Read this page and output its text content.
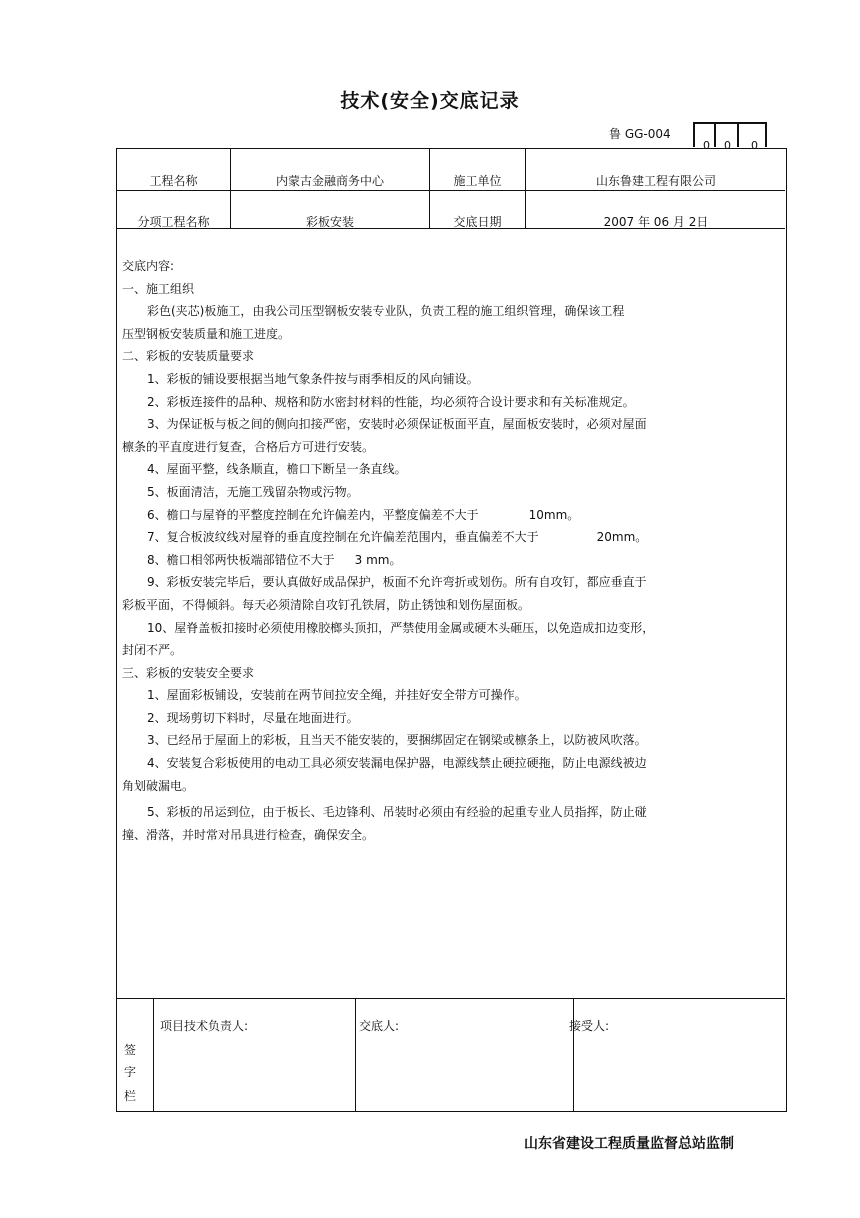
技术(安全)交底记录
鲁 GG-004
0 0 0
工程名称	内蒙古金融商务中心	施工单位	山东鲁建工程有限公司
分项工程名称	彩板安装	交底日期	2007 年 06 月 2日
签
字
栏
项目技术负责人:	交底人:	接受人:

交底内容:

一、施工组织

彩色(夹芯)板施工，由我公司压型钢板安装专业队，负责工程的施工组织管理，确保该工程

压型钢板安装质量和施工进度。

二、彩板的安装质量要求

1、彩板的铺设要根据当地气象条件按与雨季相反的风向铺设。

2、彩板连接件的品种、规格和防水密封材料的性能，均必须符合设计要求和有关标准规定。

3、为保证板与板之间的侧向扣接严密，安装时必须保证板面平直，屋面板安装时，必须对屋面

檩条的平直度进行复查，合格后方可进行安装。

4、屋面平整，线条顺直，檐口下断呈一条直线。

5、板面清洁，无施工残留杂物或污物。

6、檐口与屋脊的平整度控制在允许偏差内，平整度偏差不大于	10mm。

7、复合板波纹线对屋脊的垂直度控制在允许偏差范围内，垂直偏差不大于	20mm。

8、檐口相邻两快板端部错位不大于 3 mm。

9、彩板安装完毕后，要认真做好成品保护，板面不允许弯折或划伤。所有自攻钉，都应垂直于

彩板平面，不得倾斜。每天必须清除自攻钉孔铁屑，防止锈蚀和划伤屋面板。

10、屋脊盖板扣接时必须使用橡胶榔头顶扣，严禁使用金属或硬木头砸压，以免造成扣边变形，

封闭不严。

三、彩板的安装安全要求

1、屋面彩板铺设，安装前在两节间拉安全绳，并挂好安全带方可操作。

2、现场剪切下料时，尽量在地面进行。

3、已经吊于屋面上的彩板，且当天不能安装的，要捆绑固定在钢梁或檩条上，以防被风吹落。

4、安装复合彩板使用的电动工具必须安装漏电保护器，电源线禁止硬拉硬拖，防止电源线被边

角划破漏电。

5、彩板的吊运到位，由于板长、毛边锋利、吊装时必须由有经验的起重专业人员指挥，防止碰

撞、滑落，并时常对吊具进行检查，确保安全。

山东省建设工程质量监督总站监制
